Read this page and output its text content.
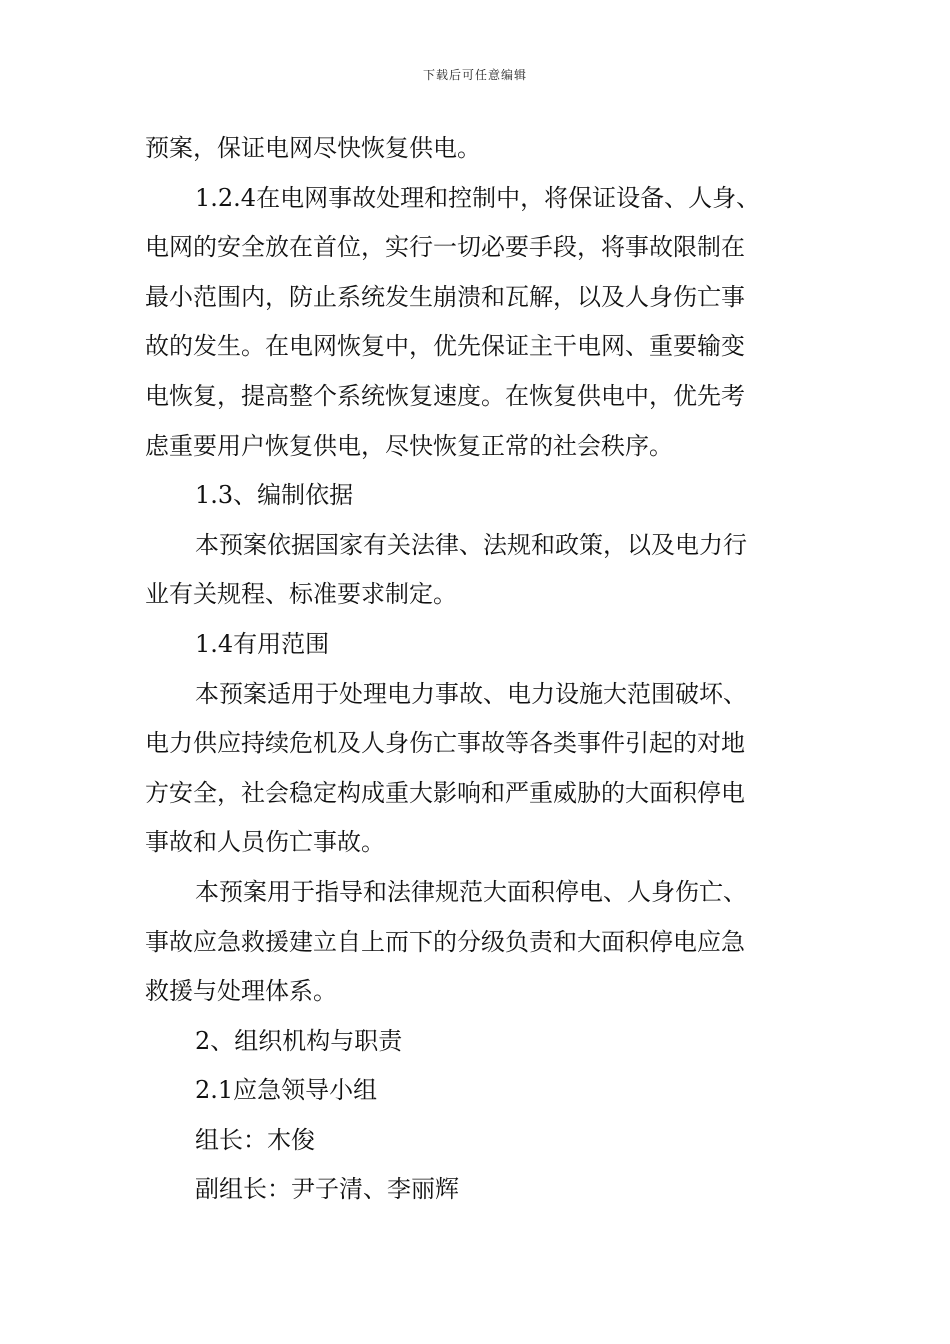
下载后可任意编辑
预案，保证电网尽快恢复供电。
1.2.4在电网事故处理和控制中，将保证设备、人身、
电网的安全放在首位，实行一切必要手段，将事故限制在
最小范围内，防止系统发生崩溃和瓦解，以及人身伤亡事
故的发生。在电网恢复中，优先保证主干电网、重要输变
电恢复，提高整个系统恢复速度。在恢复供电中，优先考
虑重要用户恢复供电，尽快恢复正常的社会秩序。
1.3、编制依据
本预案依据国家有关法律、法规和政策，以及电力行
业有关规程、标准要求制定。
1.4有用范围
本预案适用于处理电力事故、电力设施大范围破坏、
电力供应持续危机及人身伤亡事故等各类事件引起的对地
方安全，社会稳定构成重大影响和严重威胁的大面积停电
事故和人员伤亡事故。
本预案用于指导和法律规范大面积停电、人身伤亡、
事故应急救援建立自上而下的分级负责和大面积停电应急
救援与处理体系。
2、组织机构与职责
2.1应急领导小组
组长：木俊
副组长：尹子清、李丽辉
